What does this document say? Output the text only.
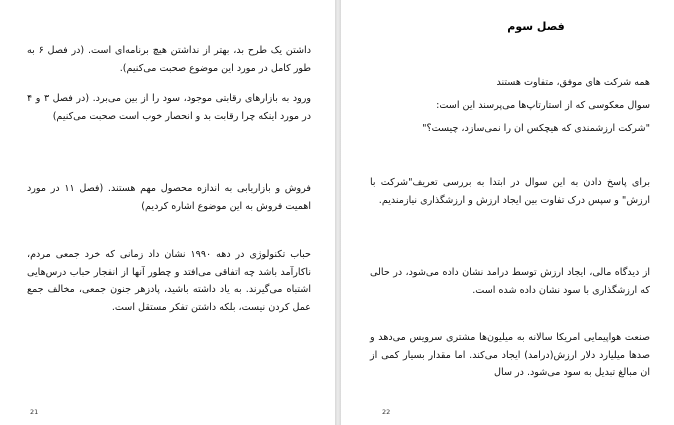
داشتن یک طرح بد، بهتر از نداشتن هیچ برنامه‌ای است. (در فصل ۶ به طور کامل در مورد این موضوع صحبت می‌کنیم).
ورود به بازارهای رقابتی موجود، سود را از بین می‌برد. (در فصل ۳ و ۴ در مورد اینکه چرا رقابت بد و انحصار خوب است صحبت می‌کنیم)
فروش و بازاریابی به اندازه محصول مهم هستند. (فصل ۱۱ در مورد اهمیت فروش به این موضوع اشاره کردیم)
حباب تکنولوژی در دهه ۱۹۹۰ نشان داد زمانی که خرد جمعی مردم، ناکارآمد باشد چه اتفاقی می‌افتد و چطور آنها از انفجار حباب درس‌هایی اشتباه می‌گیرند. به یاد داشته باشید، پادزهر جنون جمعی، مخالف جمع عمل کردن نیست، بلکه داشتن تفکر مستقل است.
21
فصل سوم
همه شرکت های موفق، متفاوت هستند
سوال معکوسی که از استارتاپ‌ها می‌پرسند این است:
"شرکت ارزشمندی که هیچکس ان را نمی‌سازد، چیست؟"
برای پاسخ دادن به این سوال در ابتدا به بررسی تعریف"شرکت با ارزش" و سپس درک تفاوت بین ایجاد ارزش و ارزشگذاری نیازمندیم.
از دیدگاه مالی، ایجاد ارزش توسط درامد نشان داده می‌شود، در حالی که ارزشگذاری با سود نشان داده شده است.
صنعت هواپیمایی امریکا سالانه به میلیون‌ها مشتری سرویس می‌دهد و صدها میلیارد دلار ارزش(درامد) ایجاد می‌کند. اما مقدار بسیار کمی از ان مبالغ تبدیل به سود می‌شود. در سال
22
